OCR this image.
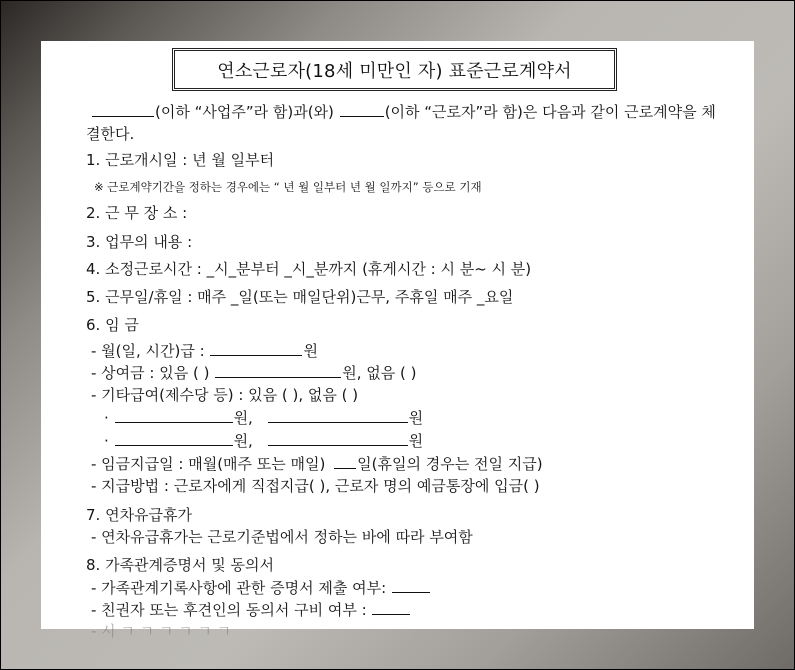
연소근로자(18세 미만인 자) 표준근로계약서
(이하 “사업주”라 함)과(와)	(이하 “근로자”라 함)은 다음과 같이 근로계약을 체
결한다.
1. 근로개시일 : 년 월 일부터
※ 근로계약기간을 정하는 경우에는 “ 년 월 일부터 년 월 일까지” 등으로 기재
2. 근 무 장 소 :
3. 업무의 내용 :
4. 소정근로시간 : _시_분부터 _시_분까지 (휴게시간 : 시 분~ 시 분)
5. 근무일/휴일 : 매주 _일(또는 매일단위)근무, 주휴일 매주 _요일
6. 임 금
- 월(일, 시간)급 :	원
- 상여금 : 있음 ( )	원, 없음 ( )
- 기타급여(제수당 등) : 있음 ( ), 없음 ( )
·	원,	원
·	원,	원
- 임금지급일 : 매월(매주 또는 매일) 일(휴일의 경우는 전일 지급)
- 지급방법 : 근로자에게 직접지급( ), 근로자 명의 예금통장에 입금( )
7. 연차유급휴가
- 연차유급휴가는 근로기준법에서 정하는 바에 따라 부여함
8. 가족관계증명서 및 동의서
- 가족관계기록사항에 관한 증명서 제출 여부:
- 친권자 또는 후견인의 동의서 구비 여부 :
- 시 ㄱ ㄱ ㄱ ㄱ ㄱ ㄱ
